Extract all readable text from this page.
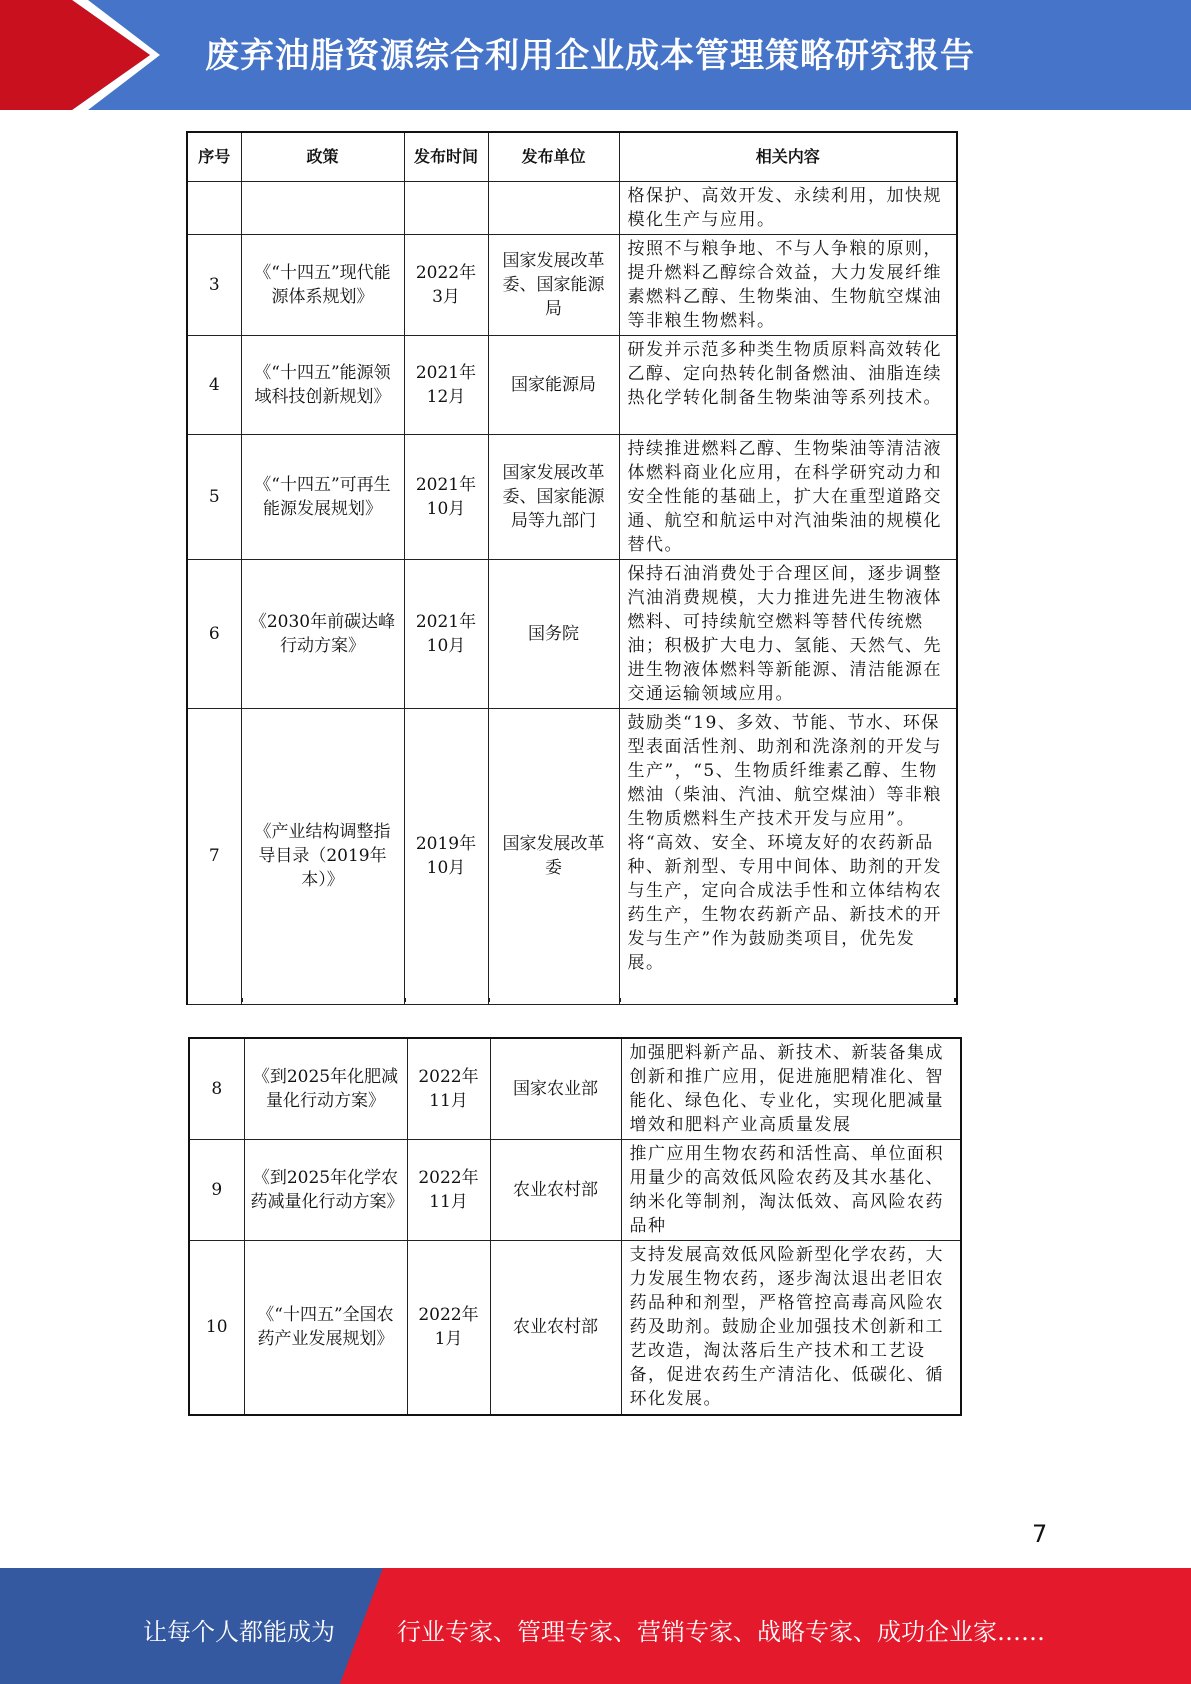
废弃油脂资源综合利用企业成本管理策略研究报告
序号	政策	发布时间	发布单位	相关内容
				格保护、高效开发、永续利用，加快规模化生产与应用。
3	《“十四五”现代能源体系规划》	2022年3月	国家发展改革委、国家能源局	按照不与粮争地、不与人争粮的原则，提升燃料乙醇综合效益，大力发展纤维素燃料乙醇、生物柴油、生物航空煤油等非粮生物燃料。
4	《“十四五”能源领域科技创新规划》	2021年12月	国家能源局	研发并示范多种类生物质原料高效转化乙醇、定向热转化制备燃油、油脂连续热化学转化制备生物柴油等系列技术。
5	《“十四五”可再生能源发展规划》	2021年10月	国家发展改革委、国家能源局等九部门	持续推进燃料乙醇、生物柴油等清洁液体燃料商业化应用，在科学研究动力和安全性能的基础上，扩大在重型道路交通、航空和航运中对汽油柴油的规模化替代。
6	《2030年前碳达峰行动方案》	2021年10月	国务院	保持石油消费处于合理区间，逐步调整汽油消费规模，大力推进先进生物液体燃料、可持续航空燃料等替代传统燃油；积极扩大电力、氢能、天然气、先进生物液体燃料等新能源、清洁能源在交通运输领域应用。
7	《产业结构调整指导目录（2019年本）》	2019年10月	国家发展改革委	鼓励类“19、多效、节能、节水、环保型表面活性剂、助剂和洗涤剂的开发与生产”，“5、生物质纤维素乙醇、生物燃油（柴油、汽油、航空煤油）等非粮生物质燃料生产技术开发与应用”。
将“高效、安全、环境友好的农药新品种、新剂型、专用中间体、助剂的开发与生产，定向合成法手性和立体结构农药生产，生物农药新产品、新技术的开发与生产”作为鼓励类项目，优先发展。
8	《到2025年化肥减量化行动方案》	2022年11月	国家农业部	加强肥料新产品、新技术、新装备集成创新和推广应用，促进施肥精准化、智能化、绿色化、专业化，实现化肥减量增效和肥料产业高质量发展
9	《到2025年化学农药减量化行动方案》	2022年11月	农业农村部	推广应用生物农药和活性高、单位面积用量少的高效低风险农药及其水基化、纳米化等制剂，淘汰低效、高风险农药品种
10	《“十四五”全国农药产业发展规划》	2022年1月	农业农村部	支持发展高效低风险新型化学农药，大力发展生物农药，逐步淘汰退出老旧农药品种和剂型，严格管控高毒高风险农药及助剂。鼓励企业加强技术创新和工艺改造，淘汰落后生产技术和工艺设备，促进农药生产清洁化、低碳化、循环化发展。
7
让每个人都能成为	行业专家、管理专家、营销专家、战略专家、成功企业家……
